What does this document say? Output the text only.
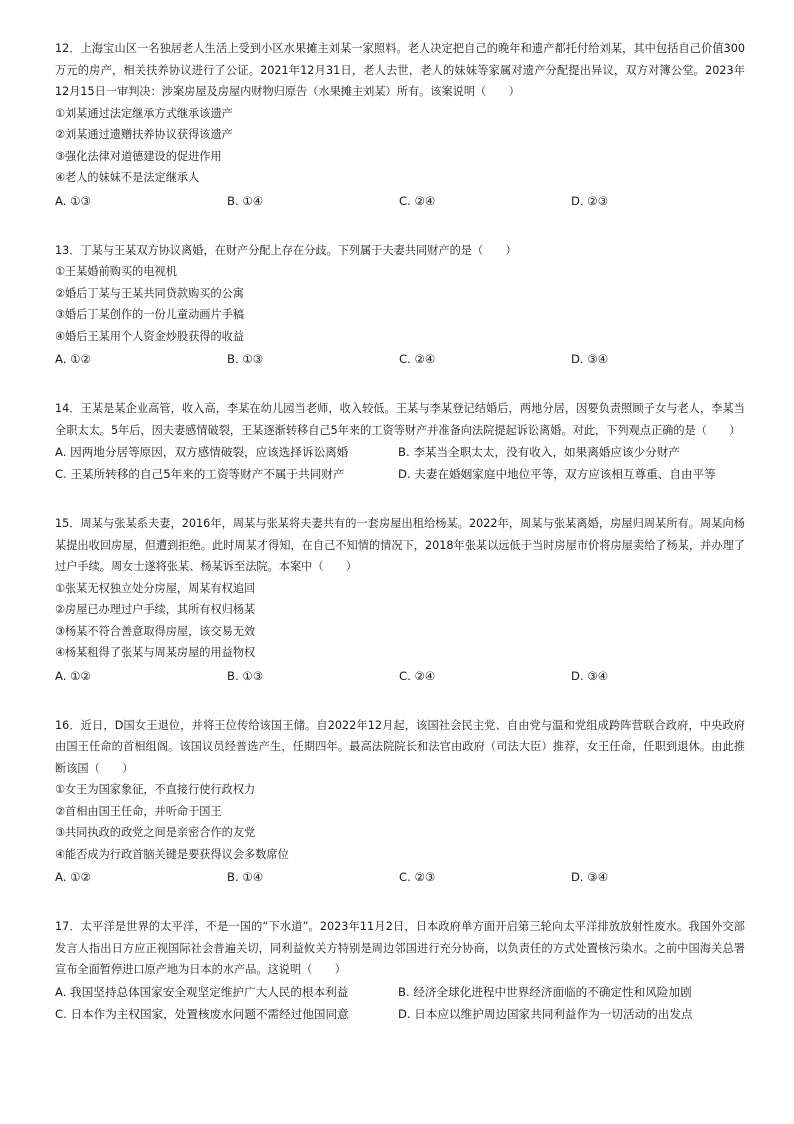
12．上海宝山区一名独居老人生活上受到小区水果摊主刘某一家照料。老人决定把自己的晚年和遗产都托付给刘某，其中包括自己价值300万元的房产，相关扶养协议进行了公证。2021年12月31日，老人去世，老人的妹妹等家属对遗产分配提出异议，双方对簿公堂。2023年12月15日一审判决：涉案房屋及房屋内财物归原告（水果摊主刘某）所有。该案说明（　　）

①刘某通过法定继承方式继承该遗产

②刘某通过遗赠扶养协议获得该遗产

③强化法律对道德建设的促进作用

④老人的妹妹不是法定继承人

A. ①③	B. ①④	C. ②④	D. ②③

13．丁某与王某双方协议离婚，在财产分配上存在分歧。下列属于夫妻共同财产的是（　　）

①王某婚前购买的电视机

②婚后丁某与王某共同贷款购买的公寓

③婚后丁某创作的一份儿童动画片手稿

④婚后王某用个人资金炒股获得的收益

A. ①②	B. ①③	C. ②④	D. ③④

14．王某是某企业高管，收入高，李某在幼儿园当老师，收入较低。王某与李某登记结婚后，两地分居，因要负责照顾子女与老人，李某当全职太太。5年后，因夫妻感情破裂，王某逐渐转移自己5年来的工资等财产并准备向法院提起诉讼离婚。对此，下列观点正确的是（　　）

A. 因两地分居等原因，双方感情破裂，应该选择诉讼离婚	B. 李某当全职太太，没有收入，如果离婚应该少分财产
C. 王某所转移的自己5年来的工资等财产不属于共同财产	D. 夫妻在婚姻家庭中地位平等，双方应该相互尊重、自由平等

15．周某与张某系夫妻，2016年，周某与张某将夫妻共有的一套房屋出租给杨某。2022年，周某与张某离婚，房屋归周某所有。周某向杨某提出收回房屋，但遭到拒绝。此时周某才得知，在自己不知情的情况下，2018年张某以远低于当时房屋市价将房屋卖给了杨某，并办理了过户手续。周女士遂将张某、杨某诉至法院。本案中（　　）

①张某无权独立处分房屋，周某有权追回

②房屋已办理过户手续，其所有权归杨某

③杨某不符合善意取得房屋，该交易无效

④杨某租得了张某与周某房屋的用益物权

A. ①②	B. ①③	C. ②④	D. ③④

16．近日，D国女王退位，并将王位传给该国王储。自2022年12月起，该国社会民主党、自由党与温和党组成跨阵营联合政府，中央政府由国王任命的首相组阁。该国议员经普选产生，任期四年。最高法院院长和法官由政府（司法大臣）推荐，女王任命，任职到退休。由此推断该国（　　）

①女王为国家象征，不直接行使行政权力

②首相由国王任命，并听命于国王

③共同执政的政党之间是亲密合作的友党

④能否成为行政首脑关键是要获得议会多数席位

A. ①②	B. ①④	C. ②③	D. ③④

17．太平洋是世界的太平洋，不是一国的“下水道”。2023年11月2日，日本政府单方面开启第三轮向太平洋排放放射性废水。我国外交部发言人指出日方应正视国际社会普遍关切，同利益攸关方特别是周边邻国进行充分协商，以负责任的方式处置核污染水。之前中国海关总署宣布全面暂停进口原产地为日本的水产品。这说明（　　）

A. 我国坚持总体国家安全观坚定维护广大人民的根本利益	B. 经济全球化进程中世界经济面临的不确定性和风险加剧
C. 日本作为主权国家，处置核废水问题不需经过他国同意	D. 日本应以维护周边国家共同利益作为一切活动的出发点
